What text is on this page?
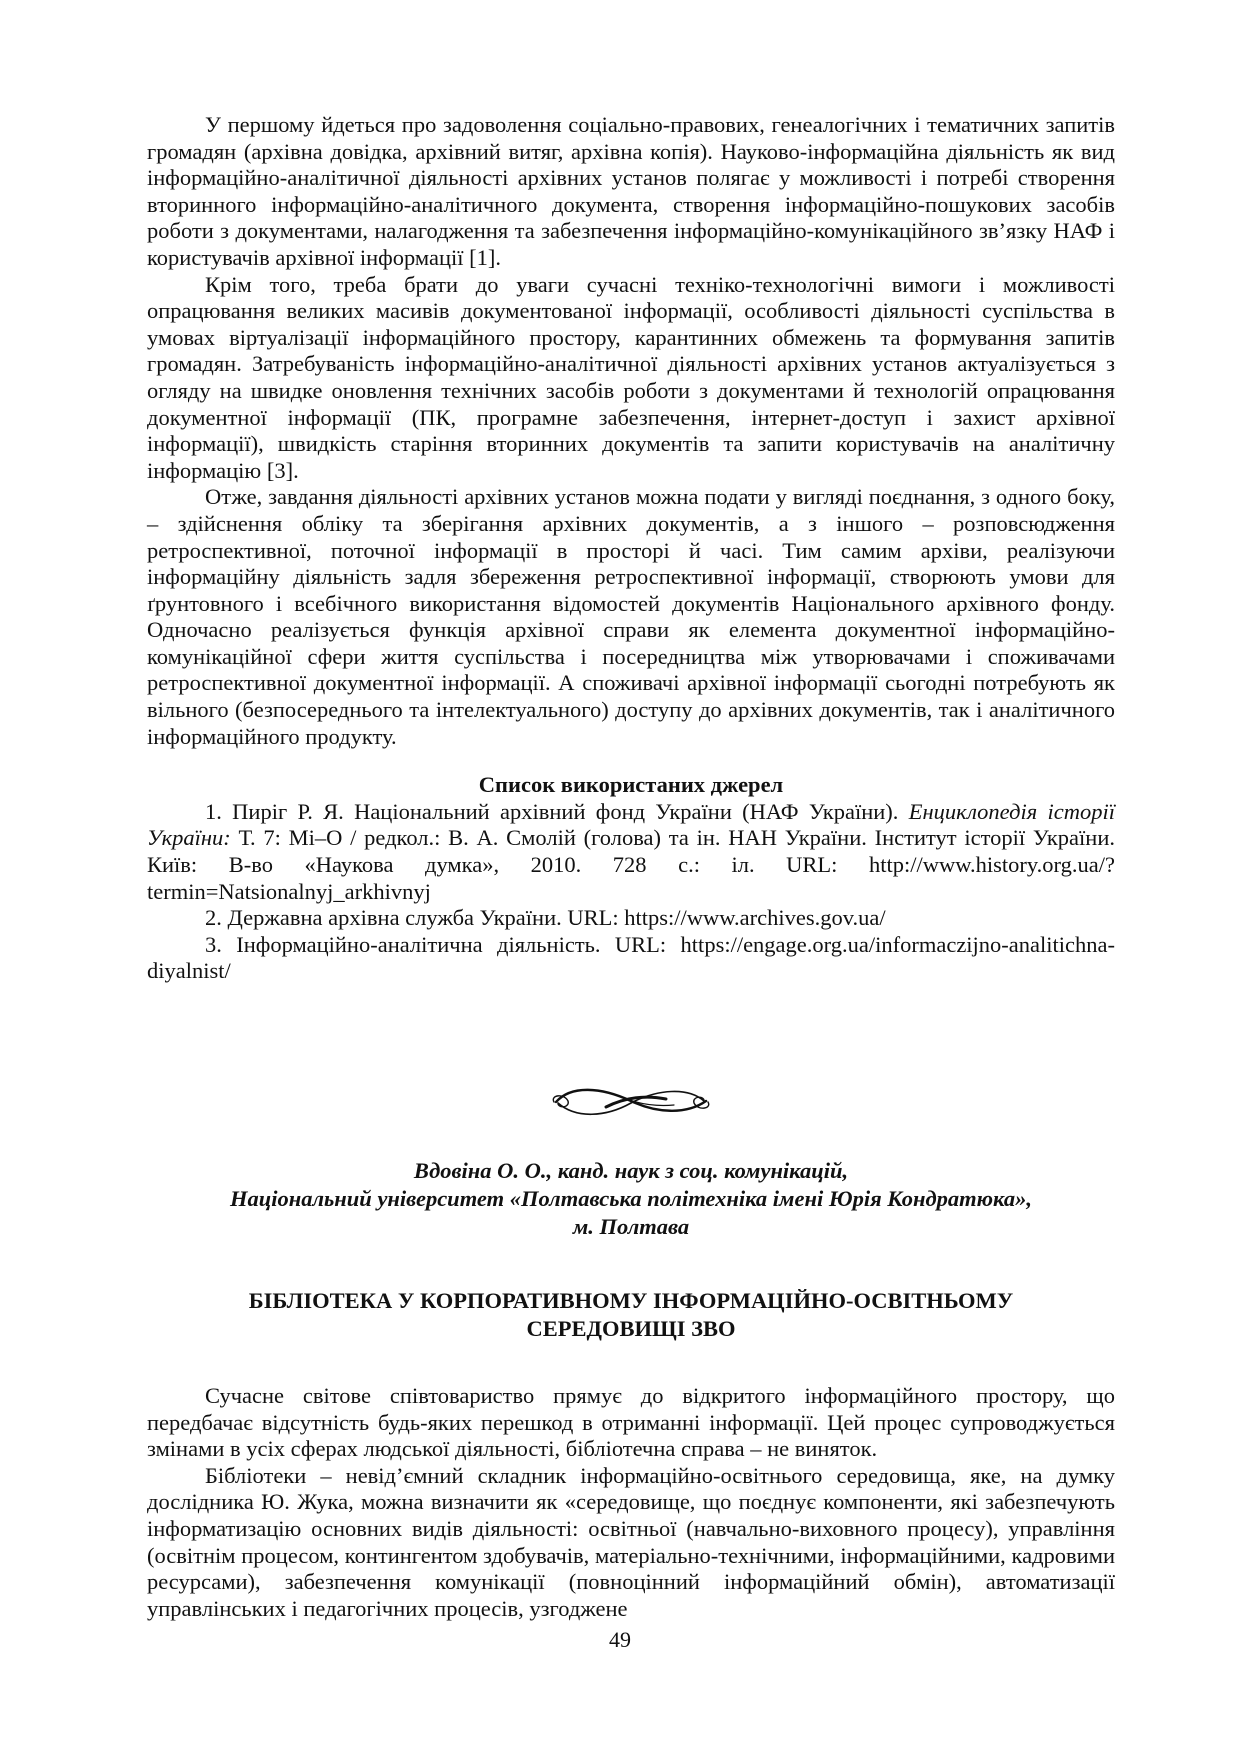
У першому йдеться про задоволення соціально-правових, генеалогічних і тематичних запитів громадян (архівна довідка, архівний витяг, архівна копія). Науково-інформаційна діяльність як вид інформаційно-аналітичної діяльності архівних установ полягає у можливості і потребі створення вторинного інформаційно-аналітичного документа, створення інформаційно-пошукових засобів роботи з документами, налагодження та забезпечення інформаційно-комунікаційного зв’язку НАФ і користувачів архівної інформації [1].

Крім того, треба брати до уваги сучасні техніко-технологічні вимоги і можливості опрацювання великих масивів документованої інформації, особливості діяльності суспільства в умовах віртуалізації інформаційного простору, карантинних обмежень та формування запитів громадян. Затребуваність інформаційно-аналітичної діяльності архівних установ актуалізується з огляду на швидке оновлення технічних засобів роботи з документами й технологій опрацювання документної інформації (ПК, програмне забезпечення, інтернет-доступ і захист архівної інформації), швидкість старіння вторинних документів та запити користувачів на аналітичну інформацію [3].

Отже, завдання діяльності архівних установ можна подати у вигляді поєднання, з одного боку, – здійснення обліку та зберігання архівних документів, а з іншого – розповсюдження ретроспективної, поточної інформації в просторі й часі. Тим самим архіви, реалізуючи інформаційну діяльність задля збереження ретроспективної інформації, створюють умови для ґрунтовного і всебічного використання відомостей документів Національного архівного фонду. Одночасно реалізується функція архівної справи як елемента документної інформаційно-комунікаційної сфери життя суспільства і посередництва між утворювачами і споживачами ретроспективної документної інформації. А споживачі архівної інформації сьогодні потребують як вільного (безпосереднього та інтелектуального) доступу до архівних документів, так і аналітичного інформаційного продукту.

Список використаних джерел

1. Пиріг Р. Я. Національний архівний фонд України (НАФ України). Енциклопедія історії України: Т. 7: Мі–О / редкол.: В. А. Смолій (голова) та ін. НАН України. Інститут історії України. Київ: В-во «Наукова думка», 2010. 728 с.: іл. URL: http://www.history.org.ua/?termin=Natsionalnyj_arkhivnyj

2. Державна архівна служба України. URL: https://www.archives.gov.ua/

3. Інформаційно-аналітична діяльність. URL: https://engage.org.ua/informaczijno-analitichna-diyalnist/

Вдовіна О. О., канд. наук з соц. комунікацій,
Національний університет «Полтавська політехніка імені Юрія Кондратюка»,
м. Полтава
БІБЛІОТЕКА У КОРПОРАТИВНОМУ ІНФОРМАЦІЙНО-ОСВІТНЬОМУ
СЕРЕДОВИЩІ ЗВО

Сучасне світове співтовариство прямує до відкритого інформаційного простору, що передбачає відсутність будь-яких перешкод в отриманні інформації. Цей процес супроводжується змінами в усіх сферах людської діяльності, бібліотечна справа – не виняток.

Бібліотеки – невід’ємний складник інформаційно-освітнього середовища, яке, на думку дослідника Ю. Жука, можна визначити як «середовище, що поєднує компоненти, які забезпечують інформатизацію основних видів діяльності: освітньої (навчально-виховного процесу), управління (освітнім процесом, контингентом здобувачів, матеріально-технічними, інформаційними, кадровими ресурсами), забезпечення комунікації (повноцінний інформаційний обмін), автоматизації управлінських і педагогічних процесів, узгоджене

49
